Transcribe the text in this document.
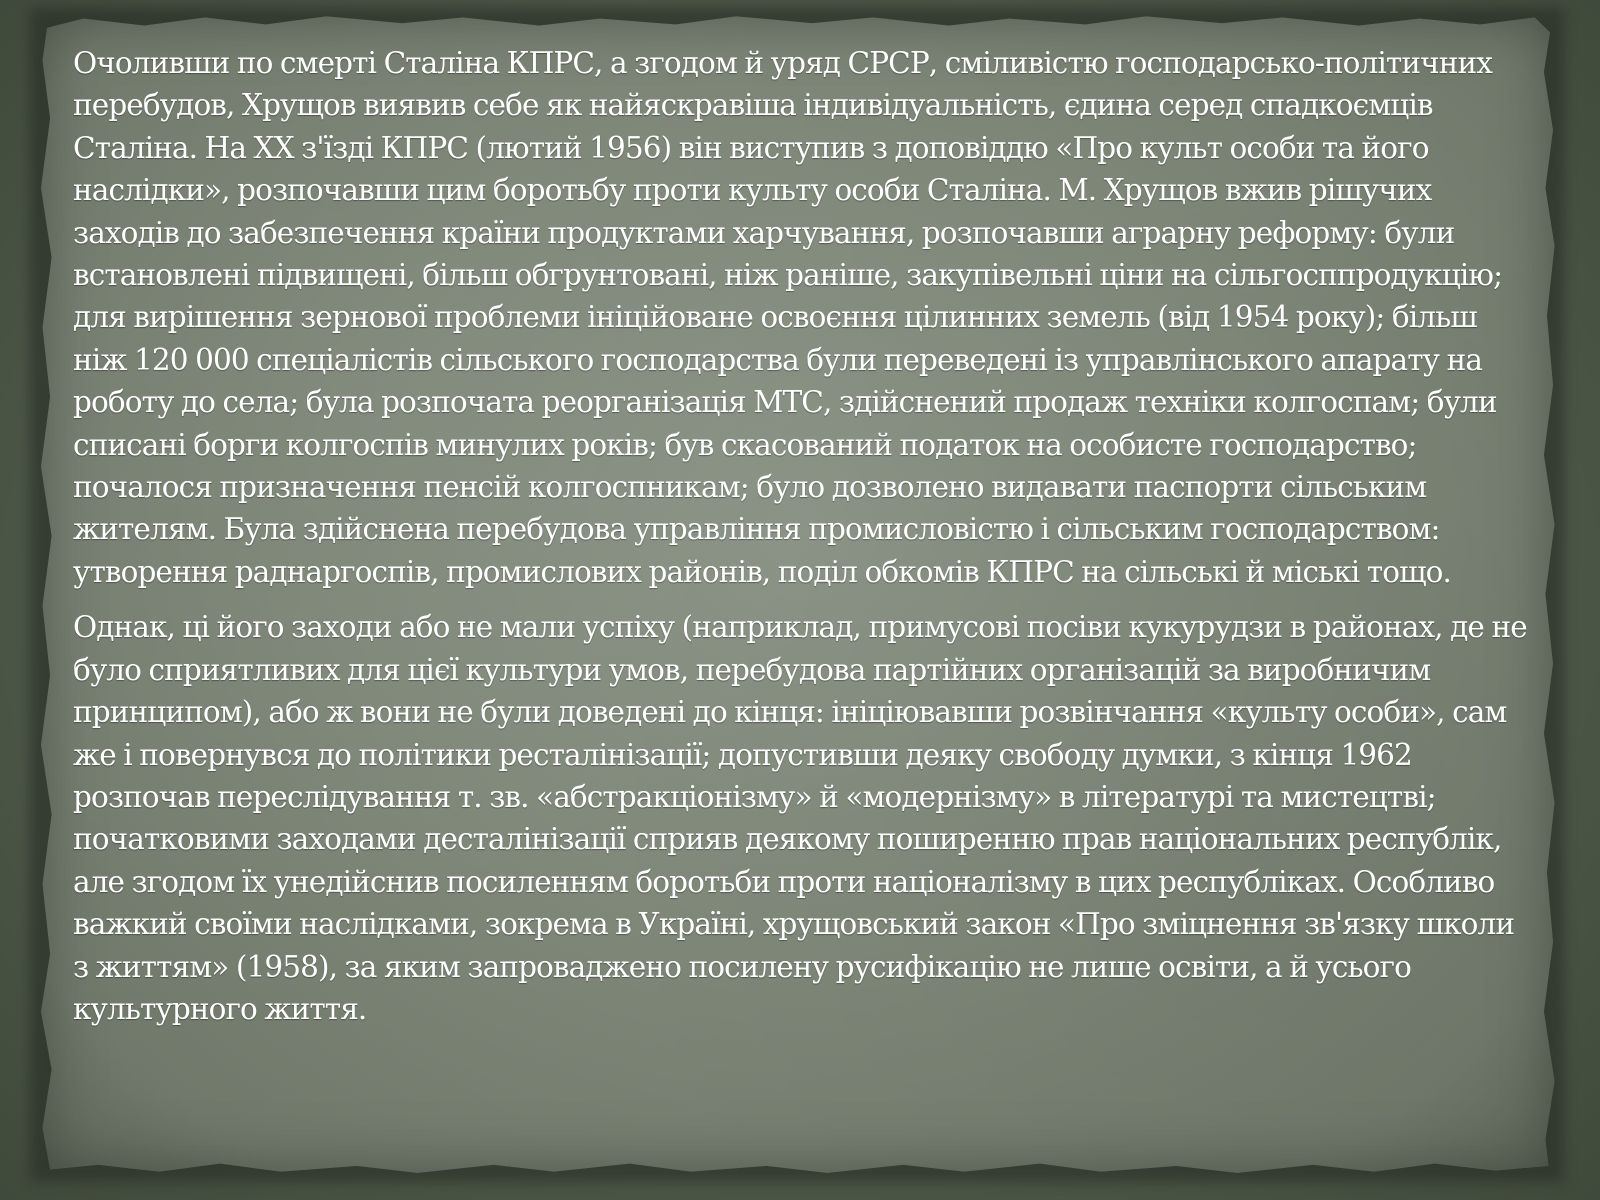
Очоливши по смерті Сталіна КПРС, а згодом й уряд СРСР, сміливістю господарсько-політичних перебудов, Хрущов виявив себе як найяскравіша індивідуальність, єдина серед спадкоємців Сталіна. На XX з'їзді КПРС (лютий 1956) він виступив з доповіддю «Про культ особи та його наслідки», розпочавши цим боротьбу проти культу особи Сталіна. М. Хрущов вжив рішучих заходів до забезпечення країни продуктами харчування, розпочавши аграрну реформу: були встановлені підвищені, більш обгрунтовані, ніж раніше, закупівельні ціни на сільгосппродукцію; для вирішення зернової проблеми ініційоване освоєння цілинних земель (від 1954 року); більш ніж 120 000 спеціалістів сільського господарства були переведені із управлінського апарату на роботу до села; була розпочата реорганізація МТС, здійснений продаж техніки колгоспам; були списані борги колгоспів минулих років; був скасований податок на особисте господарство; почалося призначення пенсій колгоспникам; було дозволено видавати паспорти сільським жителям. Була здійснена перебудова управління промисловістю і сільським господарством: утворення раднаргоспів, промислових районів, поділ обкомів КПРС на сільські й міські тощо.

Однак, ці його заходи або не мали успіху (наприклад, примусові посіви кукурудзи в районах, де не було сприятливих для цієї культури умов, перебудова партійних організацій за виробничим принципом), або ж вони не були доведені до кінця: ініціювавши розвінчання «культу особи», сам же і повернувся до політики ресталінізації; допустивши деяку свободу думки, з кінця 1962 розпочав переслідування т. зв. «абстракціонізму» й «модернізму» в літературі та мистецтві; початковими заходами десталінізації сприяв деякому поширенню прав національних республік, але згодом їх унедійснив посиленням боротьби проти націоналізму в цих республіках. Особливо важкий своїми наслідками, зокрема в Україні, хрущовський закон «Про зміцнення зв'язку школи з життям» (1958), за яким запроваджено посилену русифікацію не лише освіти, а й усього культурного життя.
